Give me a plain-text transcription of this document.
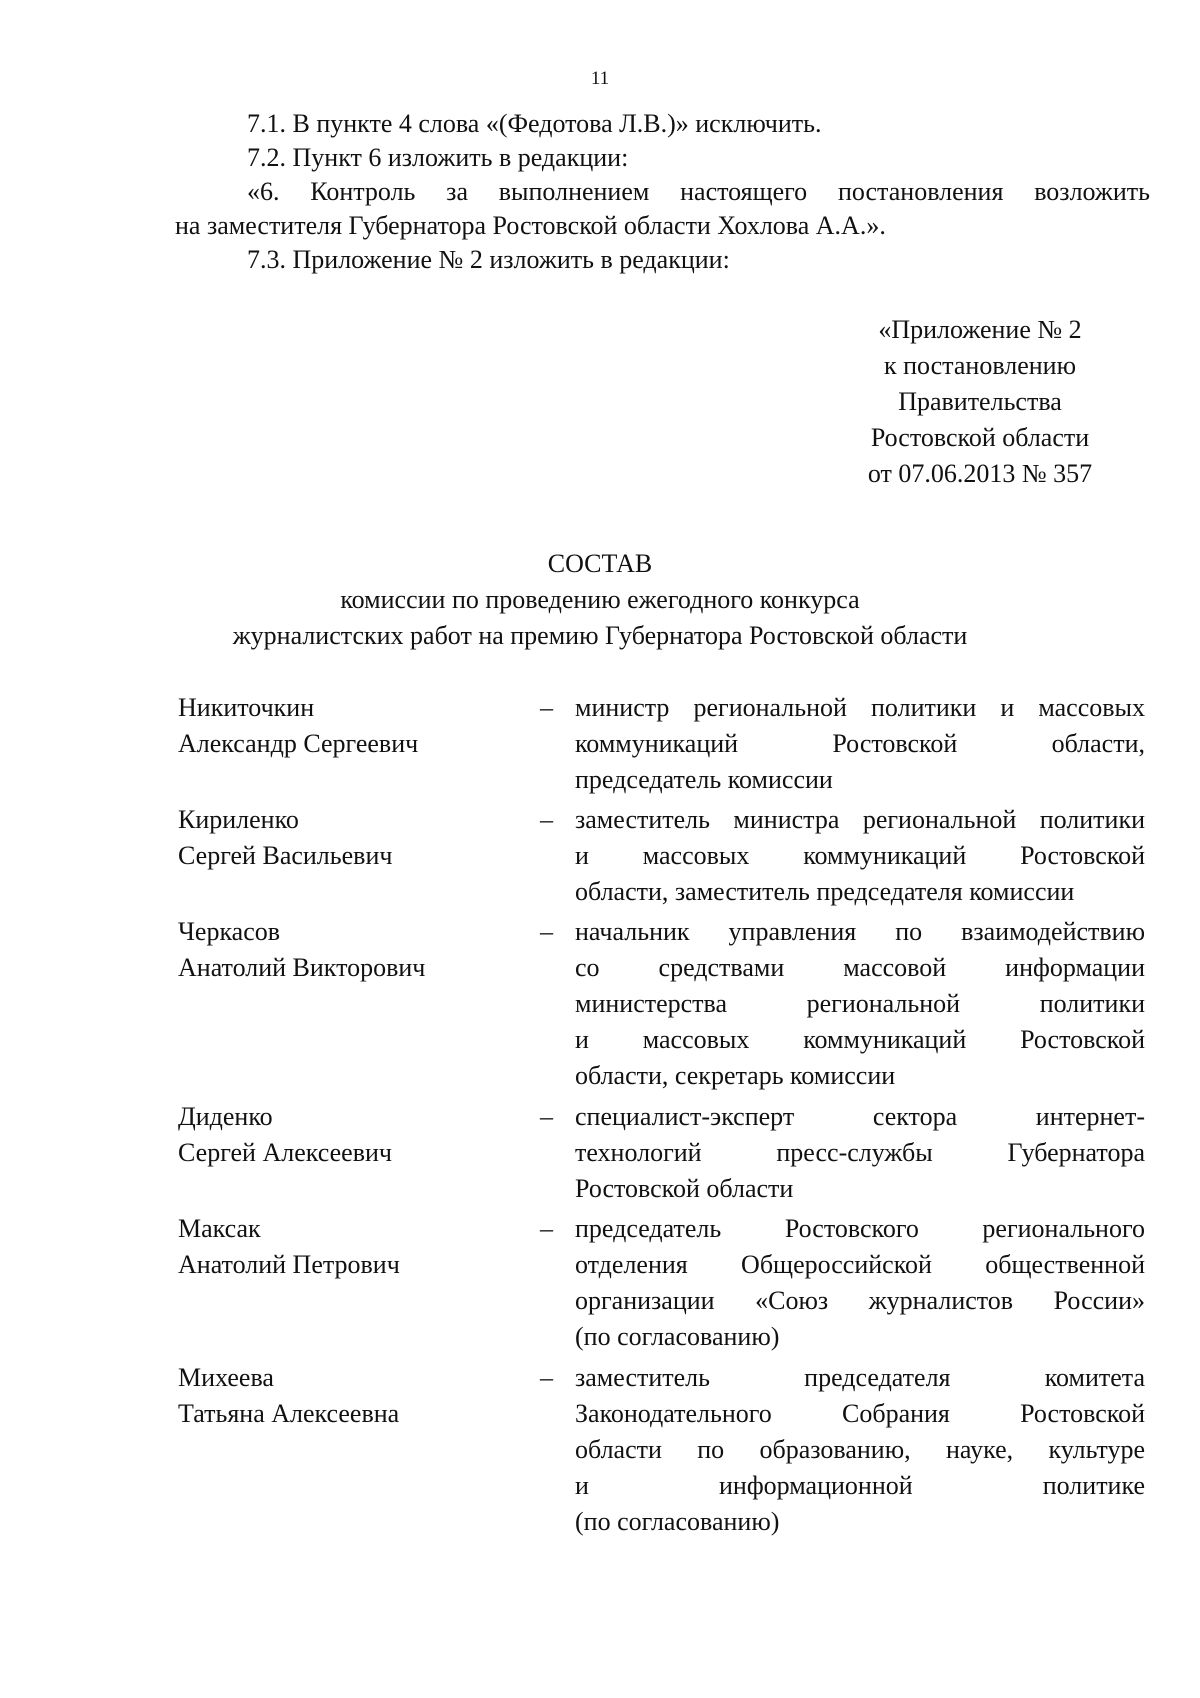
11
7.1. В пункте 4 слова «(Федотова Л.В.)» исключить.
7.2. Пункт 6 изложить в редакции:
«6. Контроль за выполнением настоящего постановления возложить
на заместителя Губернатора Ростовской области Хохлова А.А.».
7.3. Приложение № 2 изложить в редакции:
«Приложение № 2
к постановлению
Правительства
Ростовской области
от 07.06.2013 № 357
СОСТАВ
комиссии по проведению ежегодного конкурса
журналистских работ на премию Губернатора Ростовской области
Никиточкин
Александр Сергеевич
– министр региональной политики и массовых
коммуникаций Ростовской области,
председатель комиссии
Кириленко
Сергей Васильевич
– заместитель министра региональной политики
и массовых коммуникаций Ростовской
области, заместитель председателя комиссии
Черкасов
Анатолий Викторович
– начальник управления по взаимодействию
со средствами массовой информации
министерства региональной политики
и массовых коммуникаций Ростовской
области, секретарь комиссии
Диденко
Сергей Алексеевич
– специалист-эксперт сектора интернет-
технологий пресс-службы Губернатора
Ростовской области
Максак
Анатолий Петрович
– председатель Ростовского регионального
отделения Общероссийской общественной
организации «Союз журналистов России»
(по согласованию)
Михеева
Татьяна Алексеевна
– заместитель председателя комитета
Законодательного Собрания Ростовской
области по образованию, науке, культуре
и информационной политике
(по согласованию)
